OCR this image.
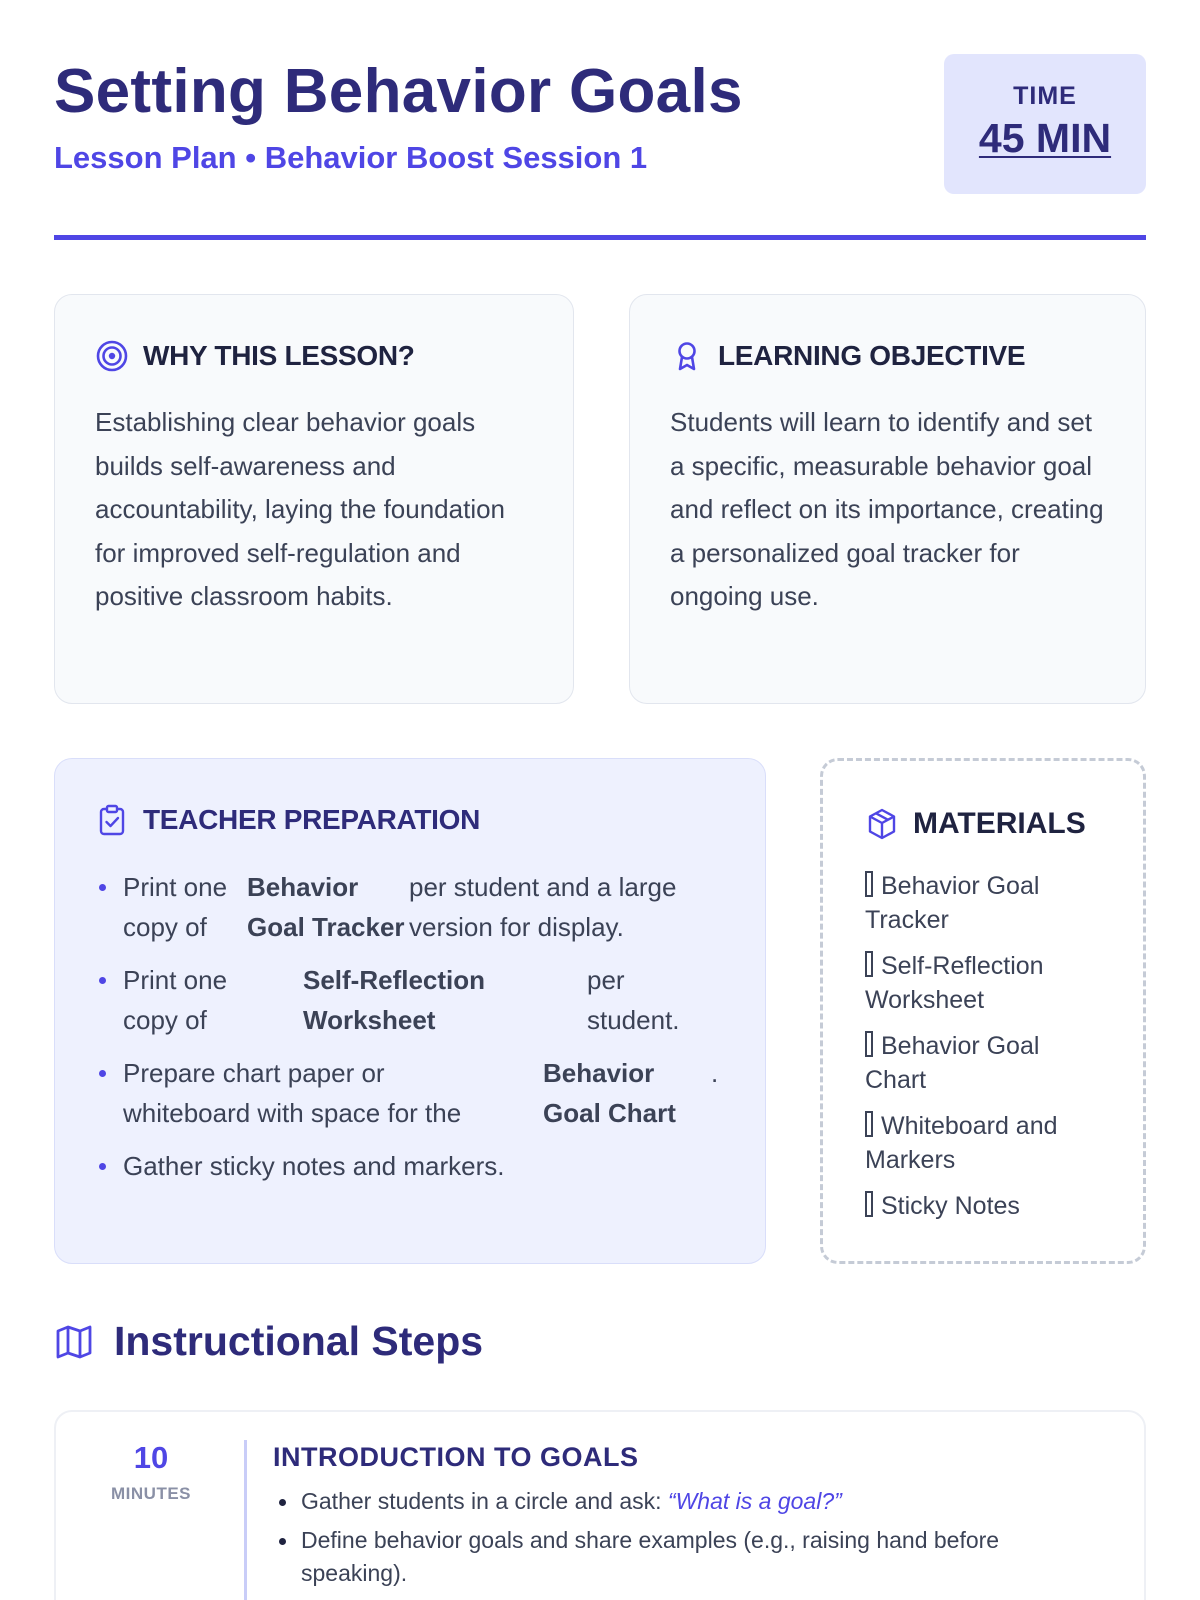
Setting Behavior Goals
Lesson Plan • Behavior Boost Session 1
TIME
45 MIN
WHY THIS LESSON?

Establishing clear behavior goals builds self-awareness and accountability, laying the foundation for improved self-regulation and positive classroom habits.

LEARNING OBJECTIVE

Students will learn to identify and set a specific, measurable behavior goal and reflect on its importance, creating a personalized goal tracker for ongoing use.

TEACHER PREPARATION
Print one
copy of
Behavior
Goal Tracker
per student and a large
version for display.
Print one
copy of
Self-Reflection
Worksheet
per
student.
Prepare chart paper or
whiteboard with space for the
Behavior
Goal Chart
.
Gather sticky notes and markers.
MATERIALS
Behavior Goal
Tracker
Self-Reflection
Worksheet
Behavior Goal
Chart
Whiteboard and
Markers
Sticky Notes
Instructional Steps
10
MINUTES
INTRODUCTION TO GOALS
Gather students in a circle and ask: “What is a goal?”
Define behavior goals and share examples (e.g., raising hand before speaking).
